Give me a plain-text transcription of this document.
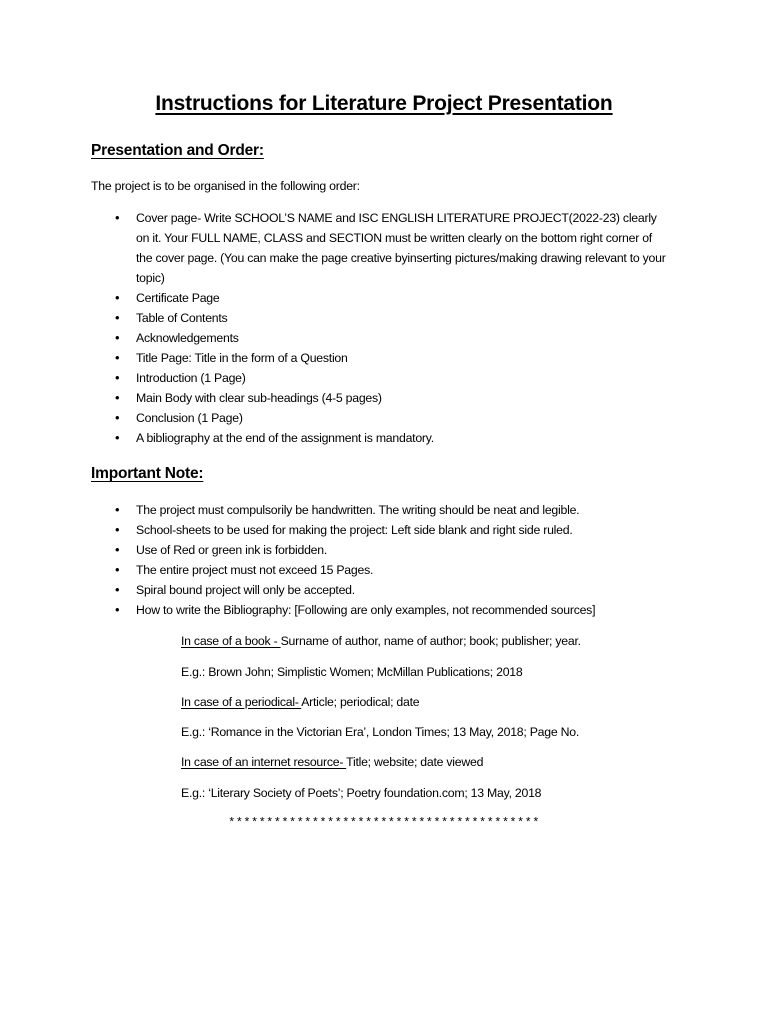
Instructions for Literature Project Presentation
Presentation and Order:

The project is to be organised in the following order:

• Cover page- Write SCHOOL’S NAME and ISC ENGLISH LITERATURE PROJECT(2022-23) clearly on it. Your FULL NAME, CLASS and SECTION must be written clearly on the bottom right corner of the cover page. (You can make the page creative byinserting pictures/making drawing relevant to your topic)
• Certificate Page
• Table of Contents
• Acknowledgements
• Title Page: Title in the form of a Question
• Introduction (1 Page)
• Main Body with clear sub-headings (4-5 pages)
• Conclusion (1 Page)
• A bibliography at the end of the assignment is mandatory.
Important Note:
• The project must compulsorily be handwritten. The writing should be neat and legible.
• School-sheets to be used for making the project: Left side blank and right side ruled.
• Use of Red or green ink is forbidden.
• The entire project must not exceed 15 Pages.
• Spiral bound project will only be accepted.
• How to write the Bibliography: [Following are only examples, not recommended sources]

In case of a book - Surname of author, name of author; book; publisher; year.

E.g.: Brown John; Simplistic Women; McMillan Publications; 2018

In case of a periodical- Article; periodical; date

E.g.: ‘Romance in the Victorian Era’, London Times; 13 May, 2018; Page No.

In case of an internet resource- Title; website; date viewed

E.g.: ‘Literary Society of Poets’; Poetry foundation.com; 13 May, 2018

*****************************************
